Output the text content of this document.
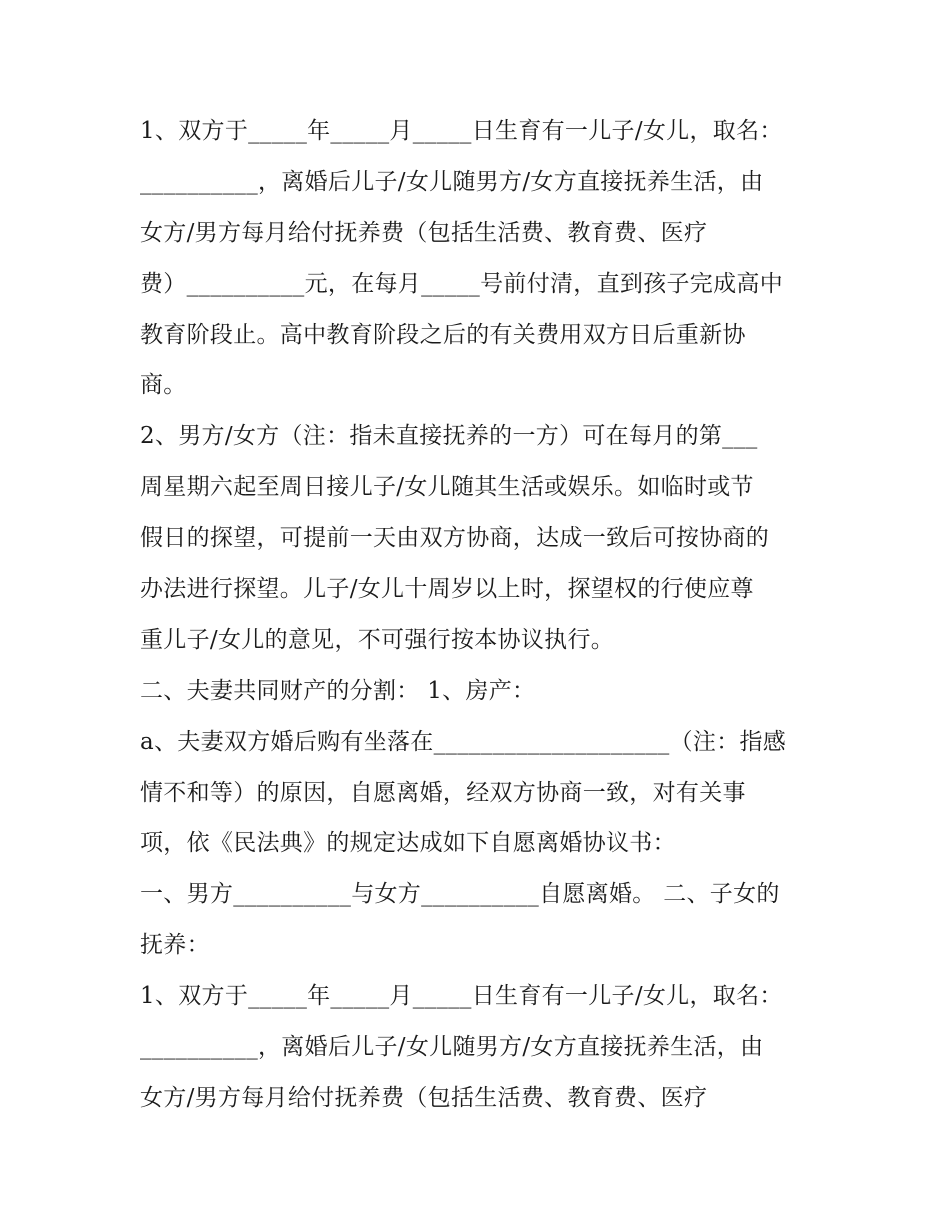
1、双方于_____年_____月_____日生育有一儿子/女儿，取名：
__________，离婚后儿子/女儿随男方/女方直接抚养生活，由
女方/男方每月给付抚养费（包括生活费、教育费、医疗
费）__________元，在每月_____号前付清，直到孩子完成高中
教育阶段止。高中教育阶段之后的有关费用双方日后重新协
商。
2、男方/女方（注：指未直接抚养的一方）可在每月的第___
周星期六起至周日接儿子/女儿随其生活或娱乐。如临时或节
假日的探望，可提前一天由双方协商，达成一致后可按协商的
办法进行探望。儿子/女儿十周岁以上时，探望权的行使应尊
重儿子/女儿的意见，不可强行按本协议执行。
二、夫妻共同财产的分割： 1、房产：
a、夫妻双方婚后购有坐落在____________________（注：指感
情不和等）的原因，自愿离婚，经双方协商一致，对有关事
项，依《民法典》的规定达成如下自愿离婚协议书：
一、男方__________与女方__________自愿离婚。 二、子女的
抚养：
1、双方于_____年_____月_____日生育有一儿子/女儿，取名：
__________，离婚后儿子/女儿随男方/女方直接抚养生活，由
女方/男方每月给付抚养费（包括生活费、教育费、医疗
